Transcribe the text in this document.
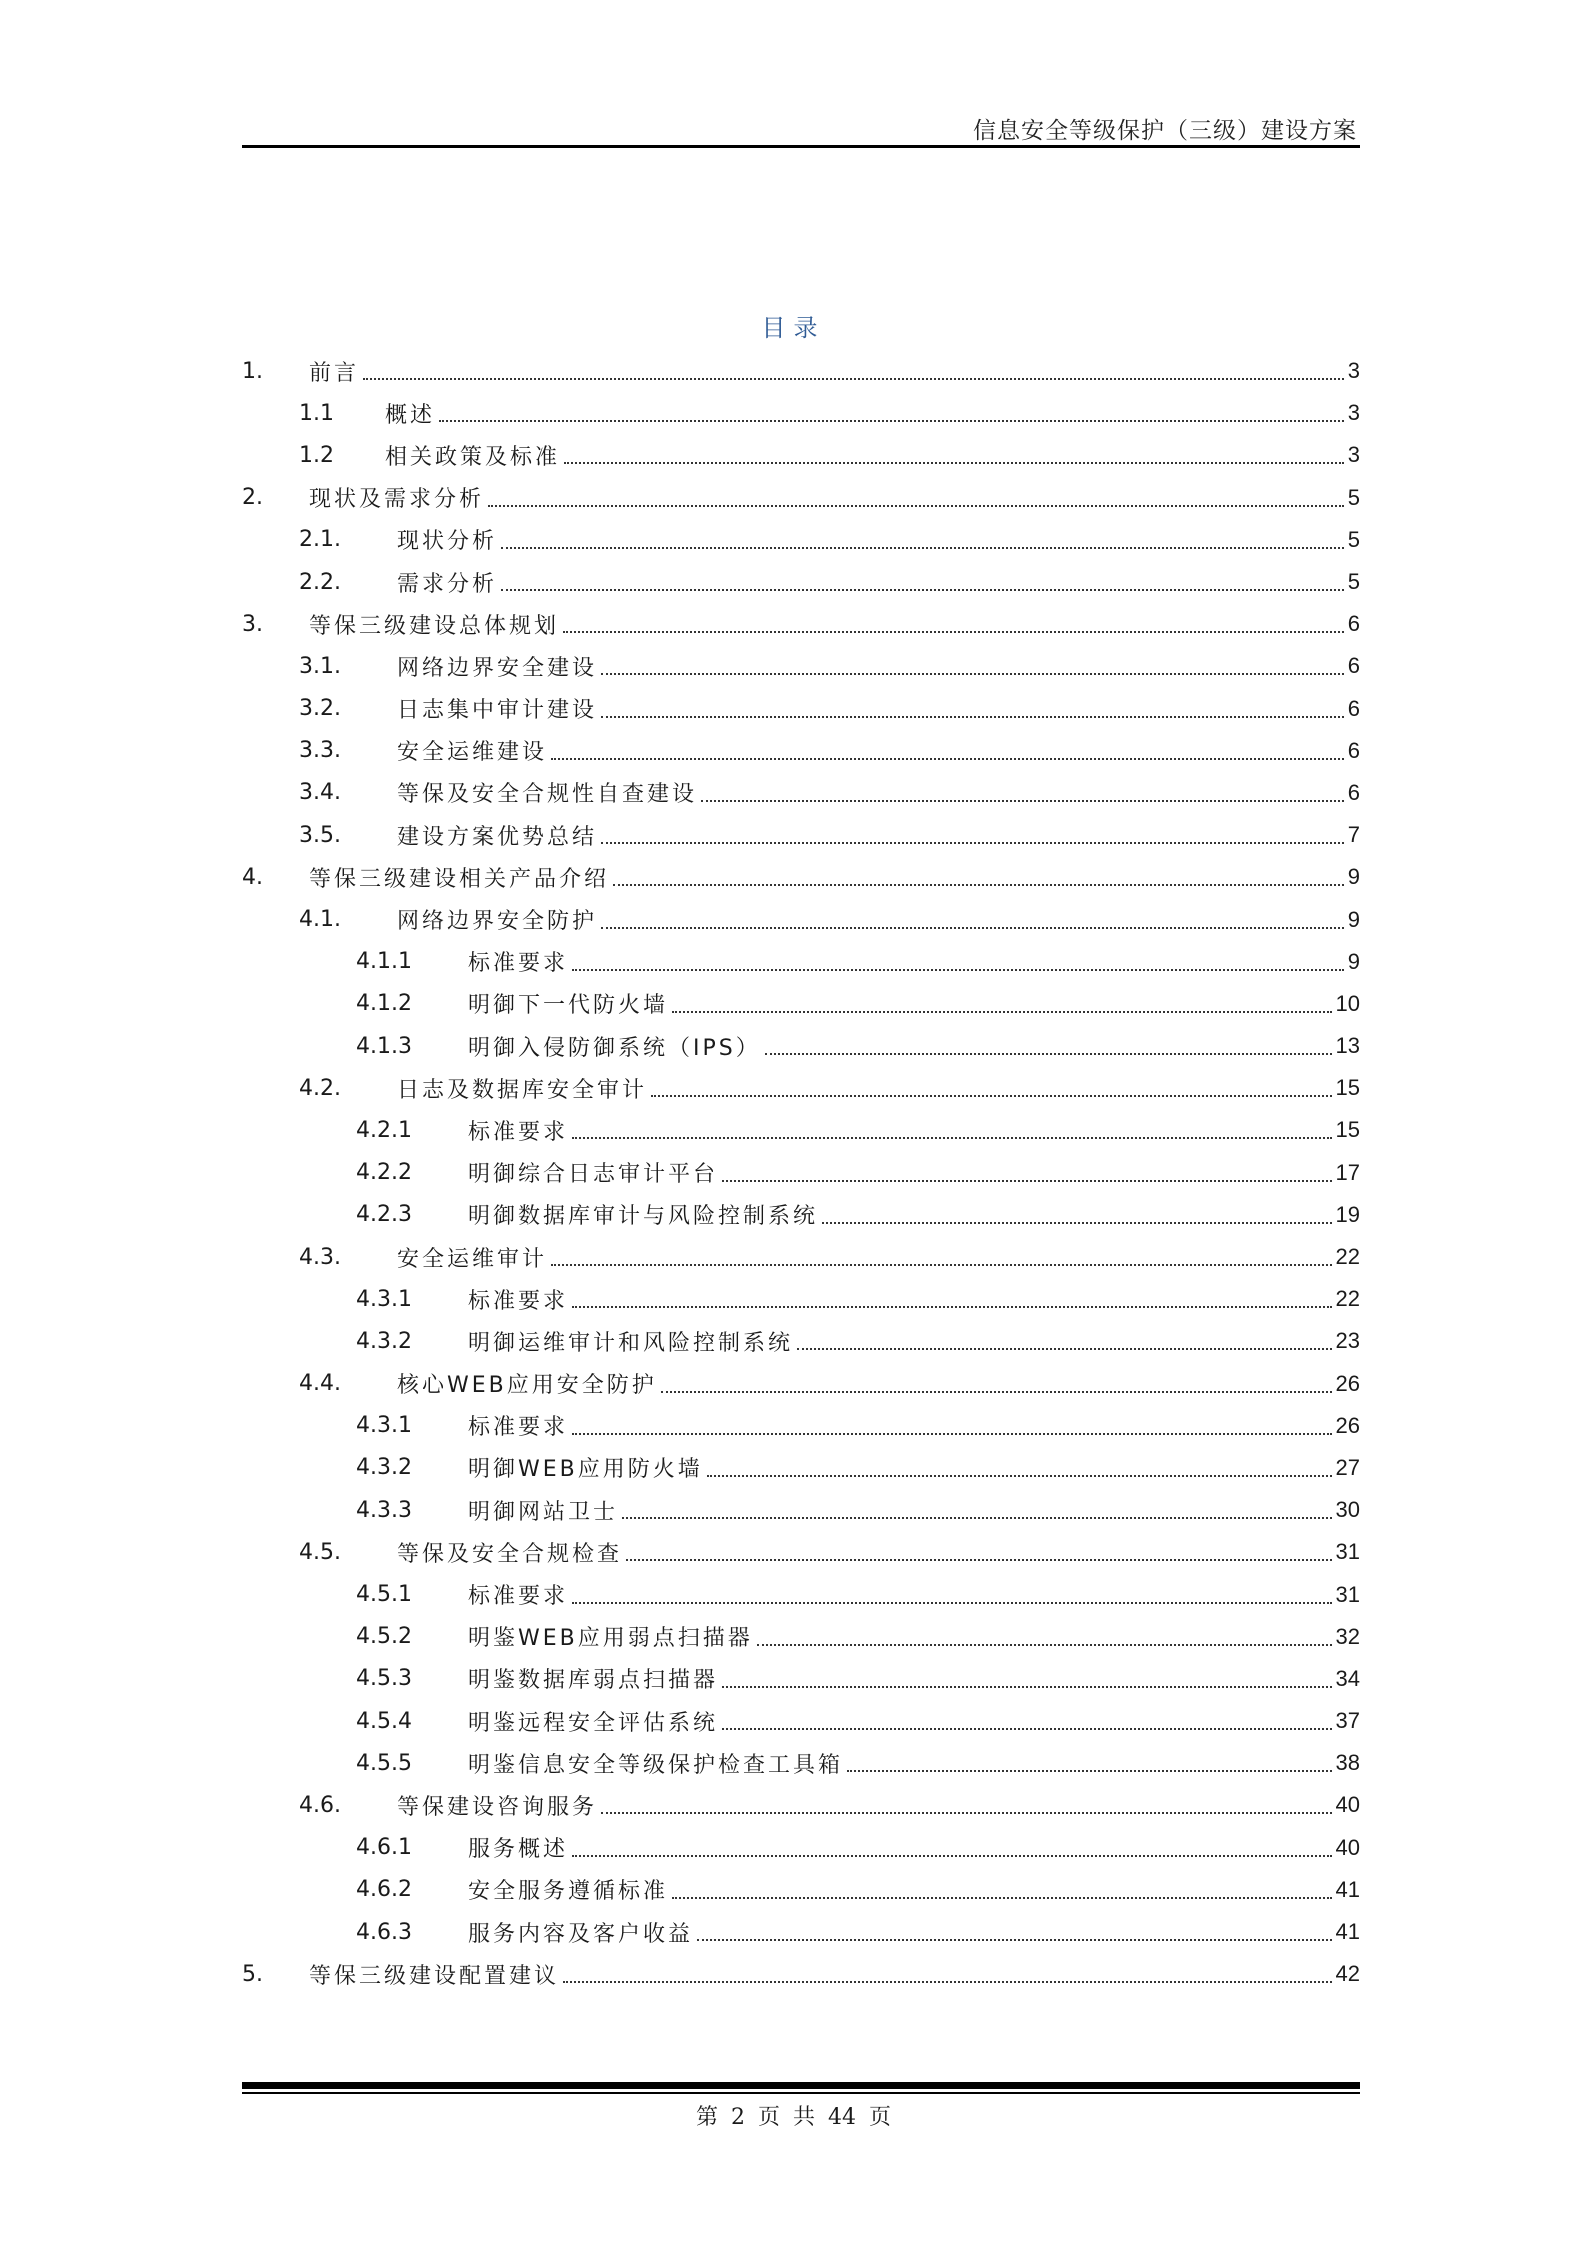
信息安全等级保护（三级）建设方案
目录
1.	前言	3
1.1	概述	3
1.2	相关政策及标准	3
2.	现状及需求分析	5
2.1.	现状分析	5
2.2.	需求分析	5
3.	等保三级建设总体规划	6
3.1.	网络边界安全建设	6
3.2.	日志集中审计建设	6
3.3.	安全运维建设	6
3.4.	等保及安全合规性自查建设	6
3.5.	建设方案优势总结	7
4.	等保三级建设相关产品介绍	9
4.1.	网络边界安全防护	9
4.1.1	标准要求	9
4.1.2	明御下一代防火墙	10
4.1.3	明御入侵防御系统（IPS）	13
4.2.	日志及数据库安全审计	15
4.2.1	标准要求	15
4.2.2	明御综合日志审计平台	17
4.2.3	明御数据库审计与风险控制系统	19
4.3.	安全运维审计	22
4.3.1	标准要求	22
4.3.2	明御运维审计和风险控制系统	23
4.4.	核心WEB应用安全防护	26
4.3.1	标准要求	26
4.3.2	明御WEB应用防火墙	27
4.3.3	明御网站卫士	30
4.5.	等保及安全合规检查	31
4.5.1	标准要求	31
4.5.2	明鉴WEB应用弱点扫描器	32
4.5.3	明鉴数据库弱点扫描器	34
4.5.4	明鉴远程安全评估系统	37
4.5.5	明鉴信息安全等级保护检查工具箱	38
4.6.	等保建设咨询服务	40
4.6.1	服务概述	40
4.6.2	安全服务遵循标准	41
4.6.3	服务内容及客户收益	41
5.	等保三级建设配置建议	42
第 2 页 共 44 页
